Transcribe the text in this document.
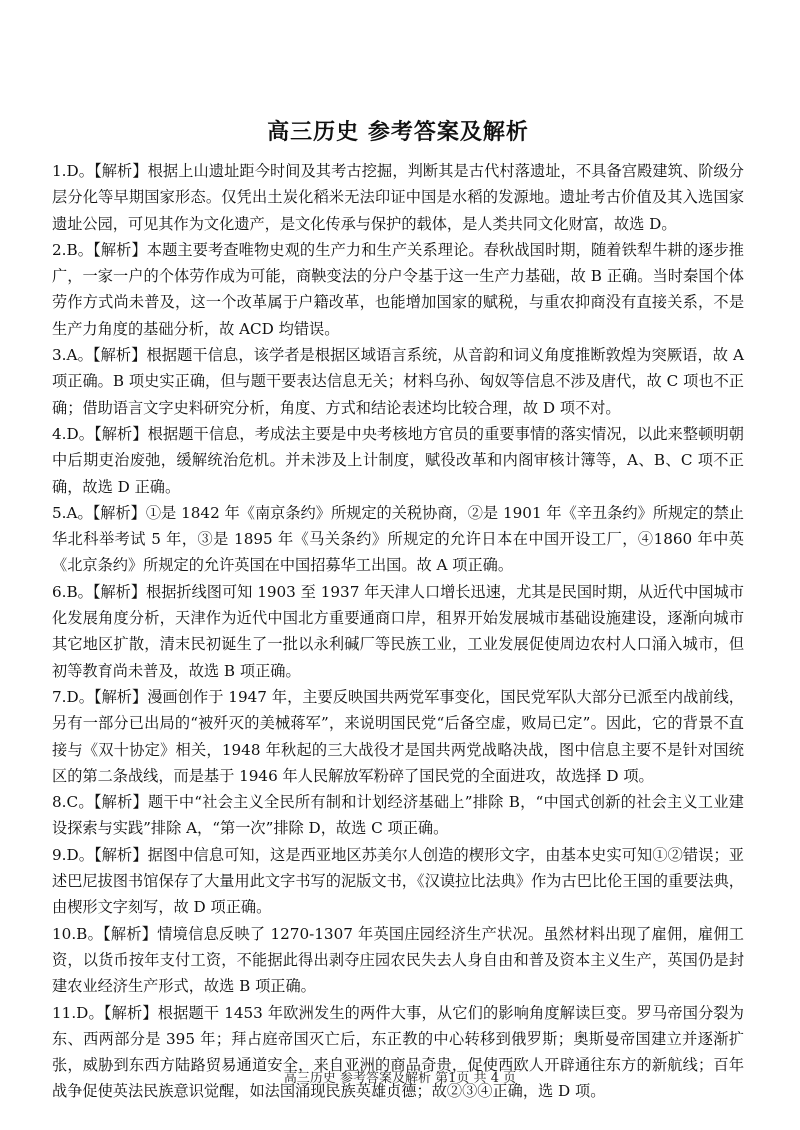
高三历史 参考答案及解析

1.D。【解析】根据上山遗址距今时间及其考古挖掘，判断其是古代村落遗址，不具备宫殿建筑、阶级分层分化等早期国家形态。仅凭出土炭化稻米无法印证中国是水稻的发源地。遗址考古价值及其入选国家遗址公园，可见其作为文化遗产，是文化传承与保护的载体，是人类共同文化财富，故选 D。

2.B。【解析】本题主要考查唯物史观的生产力和生产关系理论。春秋战国时期，随着铁犁牛耕的逐步推广，一家一户的个体劳作成为可能，商鞅变法的分户令基于这一生产力基础，故 B 正确。当时秦国个体劳作方式尚未普及，这一个改革属于户籍改革，也能增加国家的赋税，与重农抑商没有直接关系，不是生产力角度的基础分析，故 ACD 均错误。

3.A。【解析】根据题干信息，该学者是根据区域语言系统，从音韵和词义角度推断敦煌为突厥语，故 A 项正确。B 项史实正确，但与题干要表达信息无关；材料乌孙、匈奴等信息不涉及唐代，故 C 项也不正确；借助语言文字史料研究分析，角度、方式和结论表述均比较合理，故 D 项不对。

4.D。【解析】根据题干信息，考成法主要是中央考核地方官员的重要事情的落实情况，以此来整顿明朝中后期吏治废弛，缓解统治危机。并未涉及上计制度，赋役改革和内阁审核计簿等，A、B、C 项不正确，故选 D 正确。

5.A。【解析】①是 1842 年《南京条约》所规定的关税协商，②是 1901 年《辛丑条约》所规定的禁止华北科举考试 5 年，③是 1895 年《马关条约》所规定的允许日本在中国开设工厂，④1860 年中英《北京条约》所规定的允许英国在中国招募华工出国。故 A 项正确。

6.B。【解析】根据折线图可知 1903 至 1937 年天津人口增长迅速，尤其是民国时期，从近代中国城市化发展角度分析，天津作为近代中国北方重要通商口岸，租界开始发展城市基础设施建设，逐渐向城市其它地区扩散，清末民初诞生了一批以永利碱厂等民族工业，工业发展促使周边农村人口涌入城市，但初等教育尚未普及，故选 B 项正确。

7.D。【解析】漫画创作于 1947 年，主要反映国共两党军事变化，国民党军队大部分已派至内战前线，另有一部分已出局的“被歼灭的美械蒋军”，来说明国民党“后备空虚，败局已定”。因此，它的背景不直接与《双十协定》相关，1948 年秋起的三大战役才是国共两党战略决战，图中信息主要不是针对国统区的第二条战线，而是基于 1946 年人民解放军粉碎了国民党的全面进攻，故选择 D 项。

8.C。【解析】题干中“社会主义全民所有制和计划经济基础上”排除 B，“中国式创新的社会主义工业建设探索与实践”排除 A，“第一次”排除 D，故选 C 项正确。

9.D。【解析】据图中信息可知，这是西亚地区苏美尔人创造的楔形文字，由基本史实可知①②错误；亚述巴尼拔图书馆保存了大量用此文字书写的泥版文书，《汉谟拉比法典》作为古巴比伦王国的重要法典，由楔形文字刻写，故 D 项正确。

10.B。【解析】情境信息反映了 1270-1307 年英国庄园经济生产状况。虽然材料出现了雇佣，雇佣工资，以货币按年支付工资，不能据此得出剥夺庄园农民失去人身自由和普及资本主义生产，英国仍是封建农业经济生产形式，故选 B 项正确。

11.D。【解析】根据题干 1453 年欧洲发生的两件大事，从它们的影响角度解读巨变。罗马帝国分裂为东、西两部分是 395 年；拜占庭帝国灭亡后，东正教的中心转移到俄罗斯；奥斯曼帝国建立并逐渐扩张，威胁到东西方陆路贸易通道安全，来自亚洲的商品奇贵，促使西欧人开辟通往东方的新航线；百年战争促使英法民族意识觉醒，如法国涌现民族英雄贞德；故②③④正确，选 D 项。

高三历史 参考答案及解析 第1页 共 4 页
